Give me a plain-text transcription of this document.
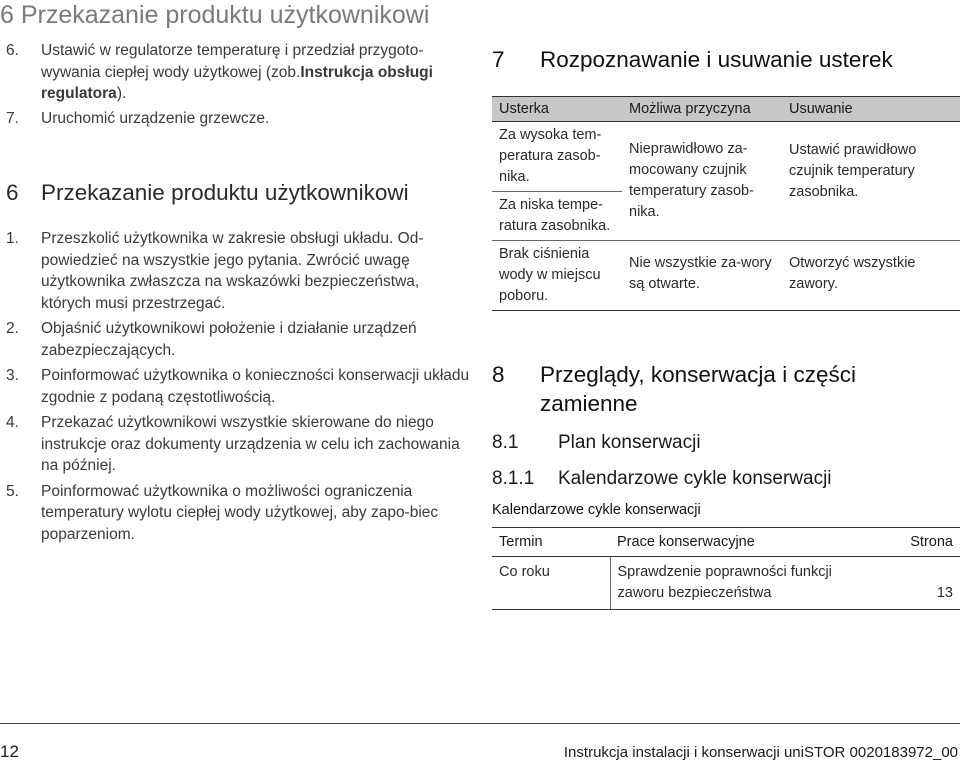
6 Przekazanie produktu użytkownikowi
6. Ustawić w regulatorze temperaturę i przedział przygoto-wywania ciepłej wody użytkowej (zob.Instrukcja obsługi regulatora).
7. Uruchomić urządzenie grzewcze.
6 Przekazanie produktu użytkownikowi
1. Przeszkolić użytkownika w zakresie obsługi układu. Od-powiedzieć na wszystkie jego pytania. Zwrócić uwagę użytkownika zwłaszcza na wskazówki bezpieczeństwa, których musi przestrzegać.
2. Objaśnić użytkownikowi położenie i działanie urządzeń zabezpieczających.
3. Poinformować użytkownika o konieczności konserwacji układu zgodnie z podaną częstotliwością.
4. Przekazać użytkownikowi wszystkie skierowane do niego instrukcje oraz dokumenty urządzenia w celu ich zachowania na później.
5. Poinformować użytkownika o możliwości ograniczenia temperatury wylotu ciepłej wody użytkowej, aby zapo-biec poparzeniom.
7 Rozpoznawanie i usuwanie usterek
Usterka	Możliwa przyczyna	Usuwanie
Za wysoka tem-peratura zasob-nika.	Nieprawidłowo za-mocowany czujnik temperatury zasob-nika.	Ustawić prawidłowo czujnik temperatury zasobnika.
Za niska tempe-ratura zasobnika.		
Brak ciśnienia wody w miejscu poboru.	Nie wszystkie za-wory są otwarte.	Otworzyć wszystkie zawory.
8 Przeglądy, konserwacja i części zamienne
8.1 Plan konserwacji
8.1.1 Kalendarzowe cykle konserwacji
Kalendarzowe cykle konserwacji
Termin	Prace konserwacyjne	Strona
Co roku	Sprawdzenie poprawności funkcji zaworu bezpieczeństwa	13
12	Instrukcja instalacji i konserwacji uniSTOR 0020183972_00
